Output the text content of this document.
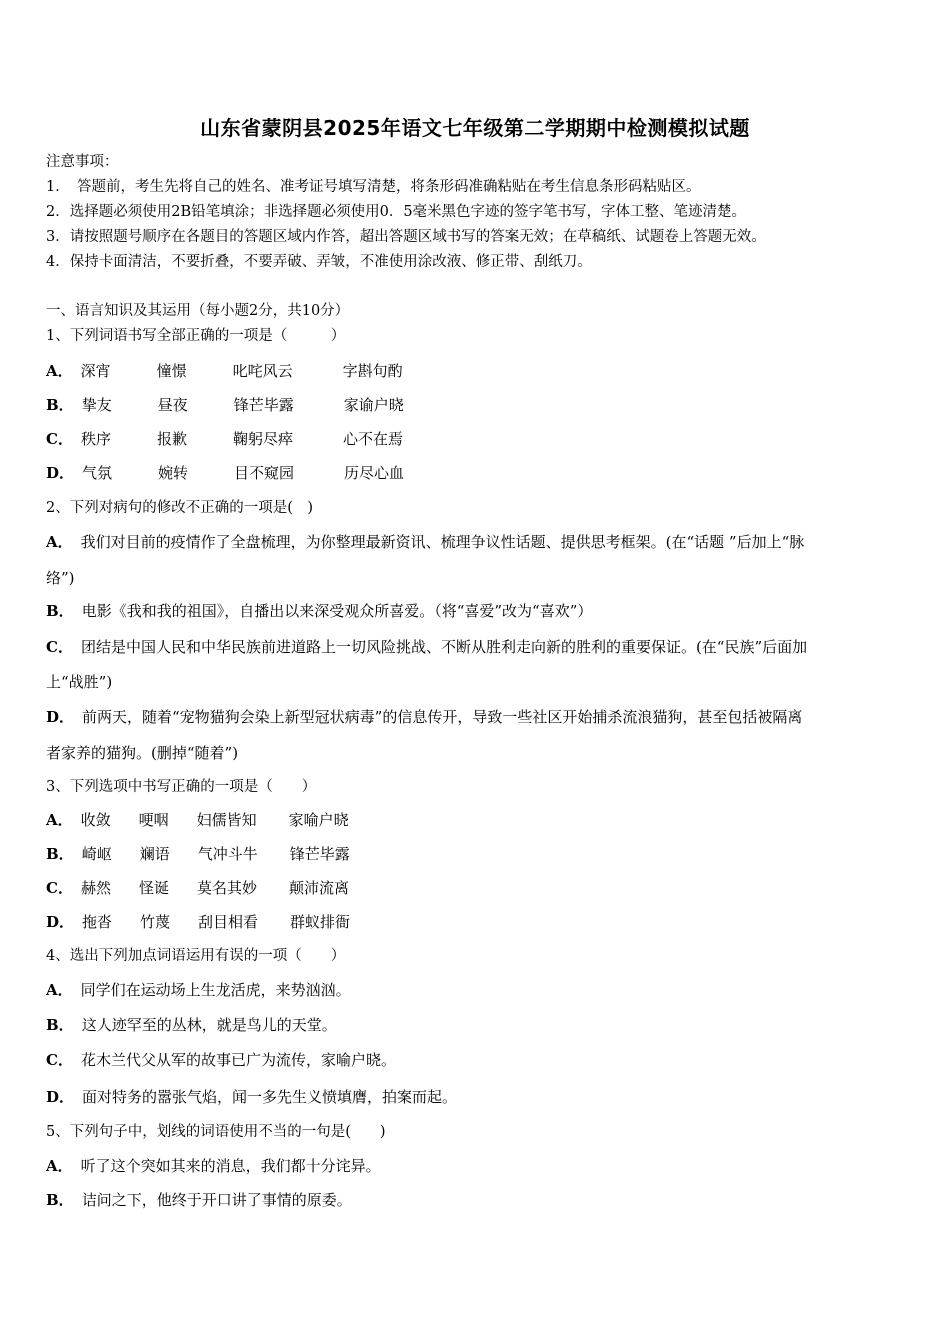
山东省蒙阴县2025年语文七年级第二学期期中检测模拟试题
注意事项：
1．　答题前，考生先将自己的姓名、准考证号填写清楚，将条形码准确粘贴在考生信息条形码粘贴区。
2．选择题必须使用2B铅笔填涂；非选择题必须使用0．5毫米黑色字迹的签字笔书写，字体工整、笔迹清楚。
3．请按照题号顺序在各题目的答题区域内作答，超出答题区域书写的答案无效；在草稿纸、试题卷上答题无效。
4．保持卡面清洁，不要折叠，不要弄破、弄皱，不准使用涂改液、修正带、刮纸刀。
一、语言知识及其运用（每小题2分，共10分）
1、下列词语书写全部正确的一项是（　　　）
A． 深宵	憧憬	叱咤风云	字斟句酌
B． 挚友	昼夜	锋芒毕露	家谕户晓
C． 秩序	报歉	鞠躬尽瘁	心不在焉
D． 气氛	婉转	目不窥园	历尽心血
2、下列对病句的修改不正确的一项是(　)
A． 我们对目前的疫情作了全盘梳理，为你整理最新资讯、梳理争议性话题、提供思考框架。(在“话题 ”后加上“脉
络”)
B． 电影《我和我的祖国》，自播出以来深受观众所喜爱。（将“喜爱”改为“喜欢”）
C． 团结是中国人民和中华民族前进道路上一切风险挑战、不断从胜利走向新的胜利的重要保证。(在“民族”后面加
上“战胜”)
D． 前两天，随着“宠物猫狗会染上新型冠状病毒”的信息传开，导致一些社区开始捕杀流浪猫狗，甚至包括被隔离
者家养的猫狗。(删掉“随着”)
3、下列选项中书写正确的一项是（　　）
A． 收敛 哽咽 妇儒皆知 家喻户晓
B． 崎岖 斓语 气冲斗牛 锋芒毕露
C． 赫然 怪诞 莫名其妙 颠沛流离
D． 拖沓 竹蔑 刮目相看 群蚁排衙
4、选出下列加点词语运用有误的一项（　　）
A． 同学们在运动场上生龙活虎，来势汹汹。
B． 这人迹罕至的丛林，就是鸟儿的天堂。
C． 花木兰代父从军的故事已广为流传，家喻户晓。
D． 面对特务的嚣张气焰，闻一多先生义愤填膺，拍案而起。
5、下列句子中，划线的词语使用不当的一句是(　　)
A． 听了这个突如其来的消息，我们都十分诧异。
B． 诘问之下，他终于开口讲了事情的原委。
